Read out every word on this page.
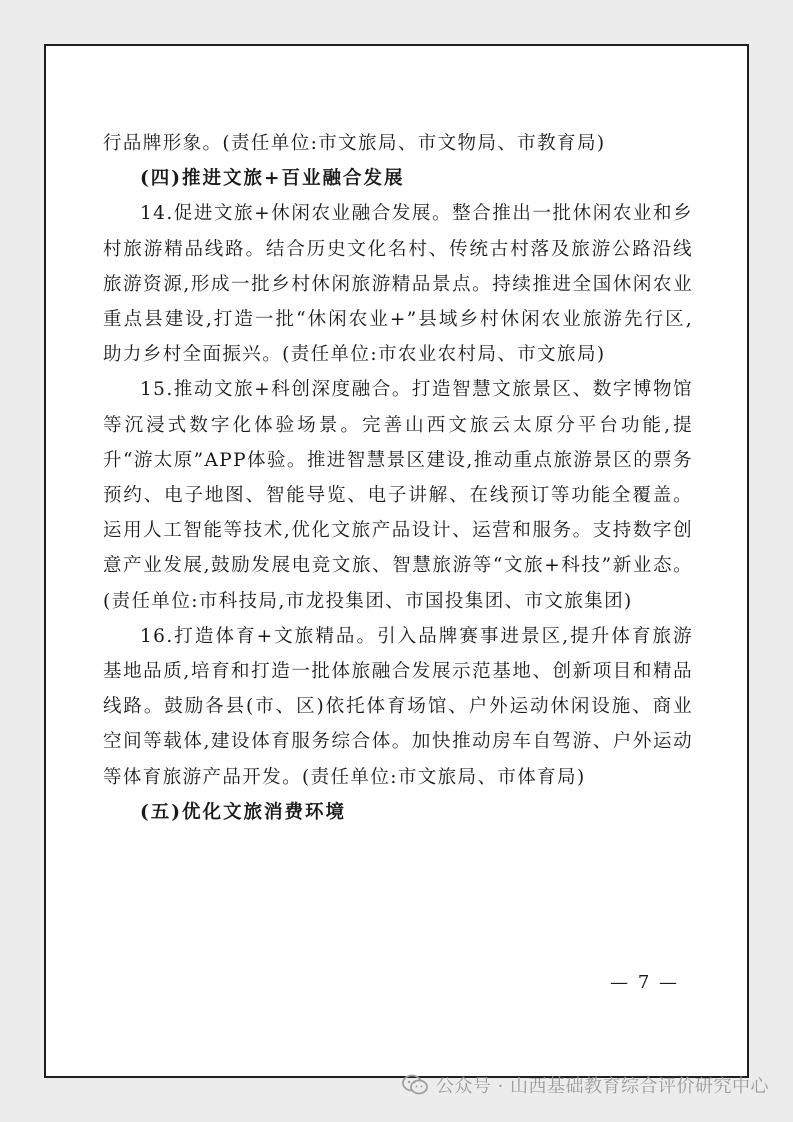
行品牌形象。(责任单位:市文旅局、市文物局、市教育局)

(四)推进文旅+百业融合发展

14.促进文旅+休闲农业融合发展。整合推出一批休闲农业和乡村旅游精品线路。结合历史文化名村、传统古村落及旅游公路沿线旅游资源,形成一批乡村休闲旅游精品景点。持续推进全国休闲农业重点县建设,打造一批“休闲农业+”县域乡村休闲农业旅游先行区,助力乡村全面振兴。(责任单位:市农业农村局、市文旅局)

15.推动文旅+科创深度融合。打造智慧文旅景区、数字博物馆等沉浸式数字化体验场景。完善山西文旅云太原分平台功能,提升“游太原”APP体验。推进智慧景区建设,推动重点旅游景区的票务预约、电子地图、智能导览、电子讲解、在线预订等功能全覆盖。运用人工智能等技术,优化文旅产品设计、运营和服务。支持数字创意产业发展,鼓励发展电竞文旅、智慧旅游等“文旅+科技”新业态。(责任单位:市科技局,市龙投集团、市国投集团、市文旅集团)

16.打造体育+文旅精品。引入品牌赛事进景区,提升体育旅游基地品质,培育和打造一批体旅融合发展示范基地、创新项目和精品线路。鼓励各县(市、区)依托体育场馆、户外运动休闲设施、商业空间等载体,建设体育服务综合体。加快推动房车自驾游、户外运动等体育旅游产品开发。(责任单位:市文旅局、市体育局)

(五)优化文旅消费环境

— 7 —
公众号 · 山西基础教育综合评价研究中心
